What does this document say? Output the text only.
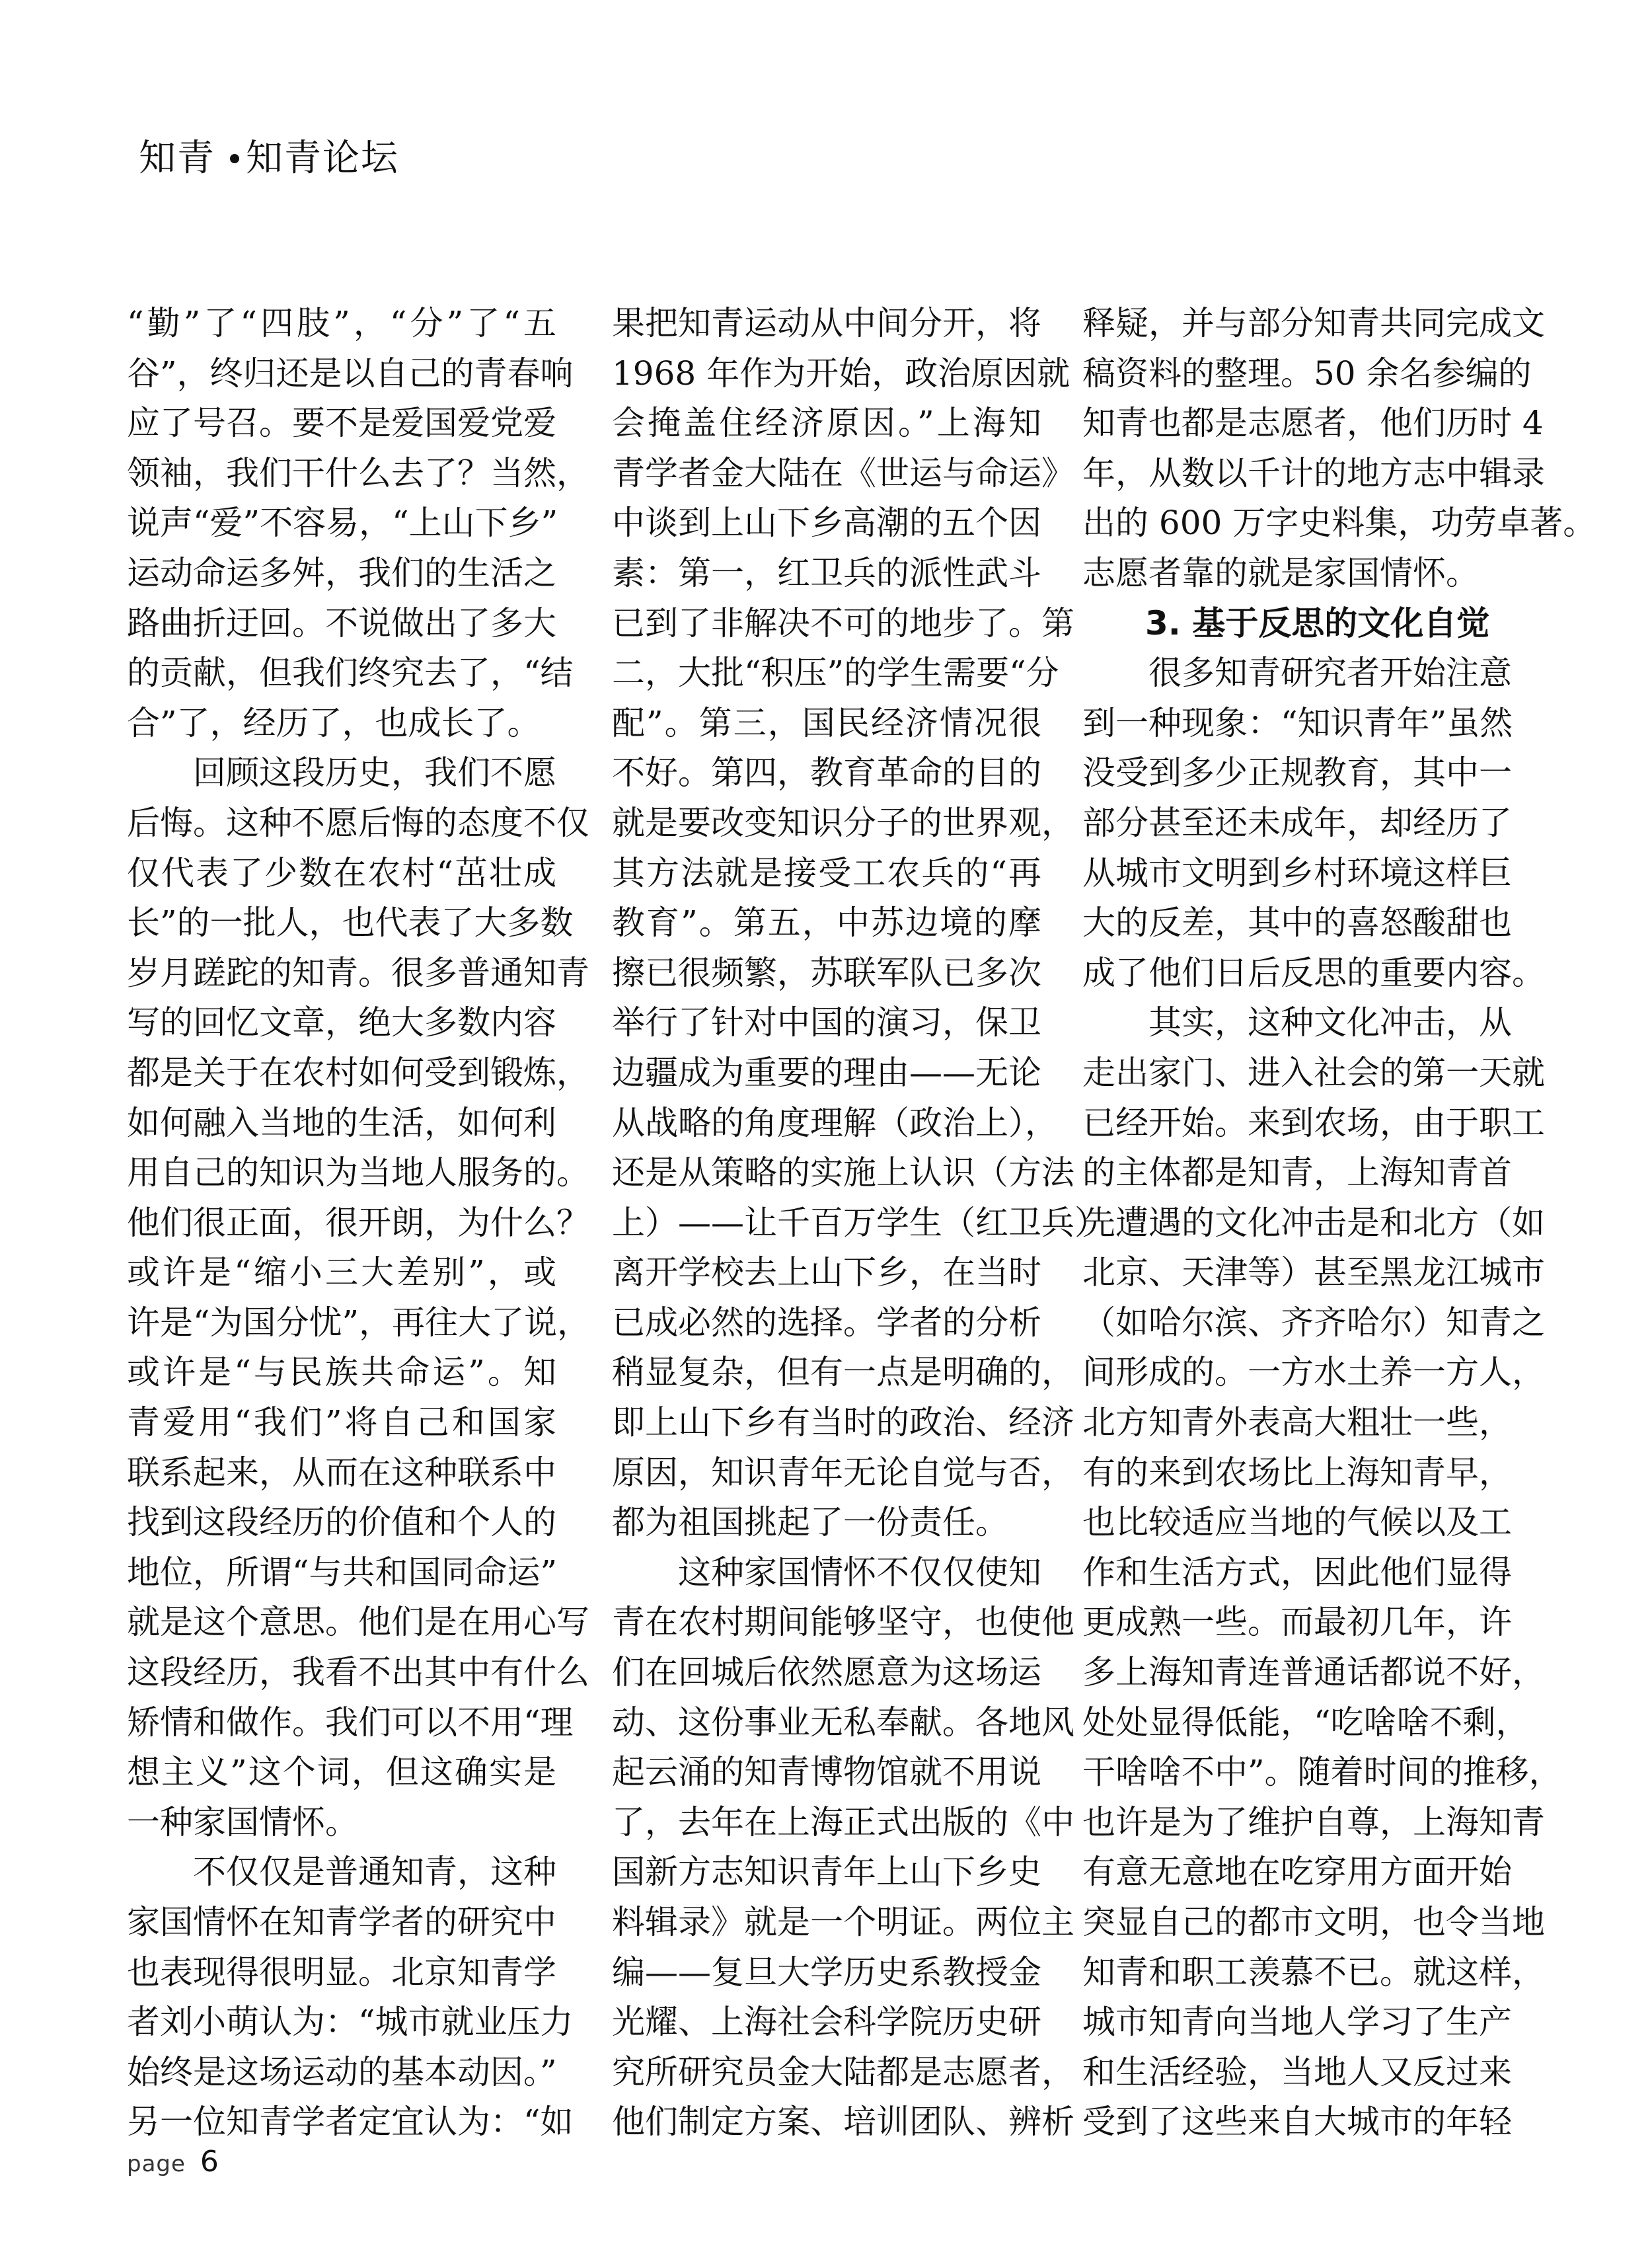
知青 知青论坛
“勤”了“四肢”，“分”了“五
谷”，终归还是以自己的青春响
应了号召。要不是爱国爱党爱
领袖，我们干什么去了？当然，
说声“爱”不容易，“上山下乡”
运动命运多舛，我们的生活之
路曲折迂回。不说做出了多大
的贡献，但我们终究去了，“结
合”了，经历了，也成长了。
回顾这段历史，我们不愿
后悔。这种不愿后悔的态度不仅
仅代表了少数在农村“茁壮成
长”的一批人，也代表了大多数
岁月蹉跎的知青。很多普通知青
写的回忆文章，绝大多数内容
都是关于在农村如何受到锻炼，
如何融入当地的生活，如何利
用自己的知识为当地人服务的。
他们很正面，很开朗，为什么？
或许是“缩小三大差别”，或
许是“为国分忧”，再往大了说，
或许是“与民族共命运”。知
青爱用“我们”将自己和国家
联系起来，从而在这种联系中
找到这段经历的价值和个人的
地位，所谓“与共和国同命运”
就是这个意思。他们是在用心写
这段经历，我看不出其中有什么
矫情和做作。我们可以不用“理
想主义”这个词，但这确实是
一种家国情怀。
不仅仅是普通知青，这种
家国情怀在知青学者的研究中
也表现得很明显。北京知青学
者刘小萌认为：“城市就业压力
始终是这场运动的基本动因。”
另一位知青学者定宜认为：“如
果把知青运动从中间分开，将
1968 年作为开始，政治原因就
会掩盖住经济原因。”上海知
青学者金大陆在《世运与命运》
中谈到上山下乡高潮的五个因
素：第一，红卫兵的派性武斗
已到了非解决不可的地步了。第
二，大批“积压”的学生需要“分
配”。第三，国民经济情况很
不好。第四，教育革命的目的
就是要改变知识分子的世界观，
其方法就是接受工农兵的“再
教育”。第五，中苏边境的摩
擦已很频繁，苏联军队已多次
举行了针对中国的演习，保卫
边疆成为重要的理由——无论
从战略的角度理解（政治上），
还是从策略的实施上认识（方法
上）——让千百万学生（红卫兵）
离开学校去上山下乡，在当时
已成必然的选择。学者的分析
稍显复杂，但有一点是明确的，
即上山下乡有当时的政治、经济
原因，知识青年无论自觉与否，
都为祖国挑起了一份责任。
这种家国情怀不仅仅使知
青在农村期间能够坚守，也使他
们在回城后依然愿意为这场运
动、这份事业无私奉献。各地风
起云涌的知青博物馆就不用说
了，去年在上海正式出版的《中
国新方志知识青年上山下乡史
料辑录》就是一个明证。两位主
编——复旦大学历史系教授金
光耀、上海社会科学院历史研
究所研究员金大陆都是志愿者，
他们制定方案、培训团队、辨析
释疑，并与部分知青共同完成文
稿资料的整理。50 余名参编的
知青也都是志愿者，他们历时 4
年，从数以千计的地方志中辑录
出的 600 万字史料集，功劳卓著。
志愿者靠的就是家国情怀。
3. 基于反思的文化自觉
很多知青研究者开始注意
到一种现象：“知识青年”虽然
没受到多少正规教育，其中一
部分甚至还未成年，却经历了
从城市文明到乡村环境这样巨
大的反差，其中的喜怒酸甜也
成了他们日后反思的重要内容。
其实，这种文化冲击，从
走出家门、进入社会的第一天就
已经开始。来到农场，由于职工
的主体都是知青，上海知青首
先遭遇的文化冲击是和北方（如
北京、天津等）甚至黑龙江城市
（如哈尔滨、齐齐哈尔）知青之
间形成的。一方水土养一方人，
北方知青外表高大粗壮一些，
有的来到农场比上海知青早，
也比较适应当地的气候以及工
作和生活方式，因此他们显得
更成熟一些。而最初几年，许
多上海知青连普通话都说不好，
处处显得低能，“吃啥啥不剩，
干啥啥不中”。随着时间的推移，
也许是为了维护自尊，上海知青
有意无意地在吃穿用方面开始
突显自己的都市文明，也令当地
知青和职工羡慕不已。就这样，
城市知青向当地人学习了生产
和生活经验，当地人又反过来
受到了这些来自大城市的年轻
page 6
